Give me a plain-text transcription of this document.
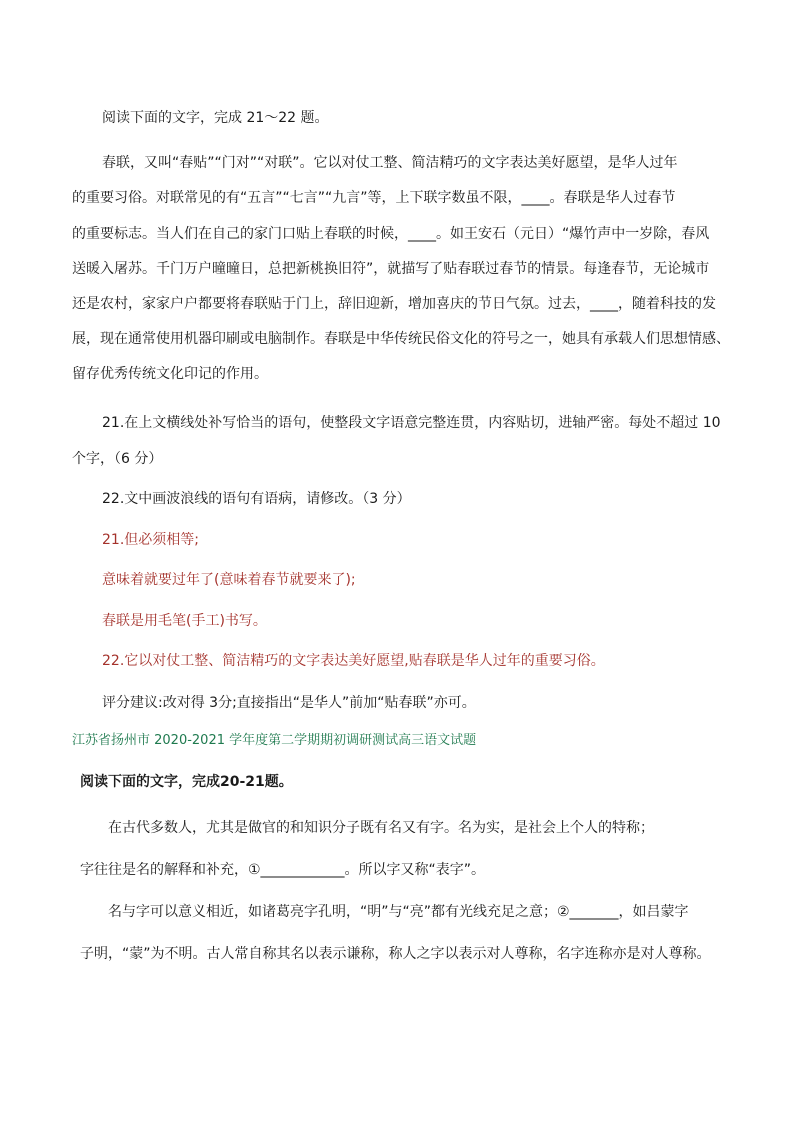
阅读下面的文字，完成 21～22 题。
春联，又叫“春贴”“门对”“对联”。它以对仗工整、简洁精巧的文字表达美好愿望，是华人过年
的重要习俗。对联常见的有“五言”“七言”“九言”等，上下联字数虽不限，____。春联是华人过春节
的重要标志。当人们在自己的家门口贴上春联的时候，____。如王安石（元日）“爆竹声中一岁除，春风
送暖入屠苏。千门万户曈曈日，总把新桃换旧符”，就描写了贴春联过春节的情景。每逢春节，无论城市
还是农村，家家户户都要将春联贴于门上，辞旧迎新，增加喜庆的节日气氛。过去，____，随着科技的发
展，现在通常使用机器印刷或电脑制作。春联是中华传统民俗文化的符号之一，她具有承载人们思想情感、
留存优秀传统文化印记的作用。
21.在上文横线处补写恰当的语句，使整段文字语意完整连贯，内容贴切，进轴严密。每处不超过 10
个字，（6 分）
22.文中画波浪线的语句有语病，请修改。（3 分）
21.但必须相等;
意味着就要过年了(意味着春节就要来了);
春联是用毛笔(手工)书写。
22.它以对仗工整、简洁精巧的文字表达美好愿望,贴春联是华人过年的重要习俗。
评分建议:改对得 3分;直接指出“是华人”前加“贴春联”亦可。
江苏省扬州市 2020-2021 学年度第二学期期初调研测试高三语文试题
阅读下面的文字，完成20-21题。
在古代多数人，尤其是做官的和知识分子既有名又有字。名为实，是社会上个人的特称；
字往往是名的解释和补充，①____________。所以字又称“表字”。
名与字可以意义相近，如诸葛亮字孔明，“明”与“亮”都有光线充足之意；②_______，如吕蒙字
子明，“蒙”为不明。古人常自称其名以表示谦称，称人之字以表示对人尊称，名字连称亦是对人尊称。
